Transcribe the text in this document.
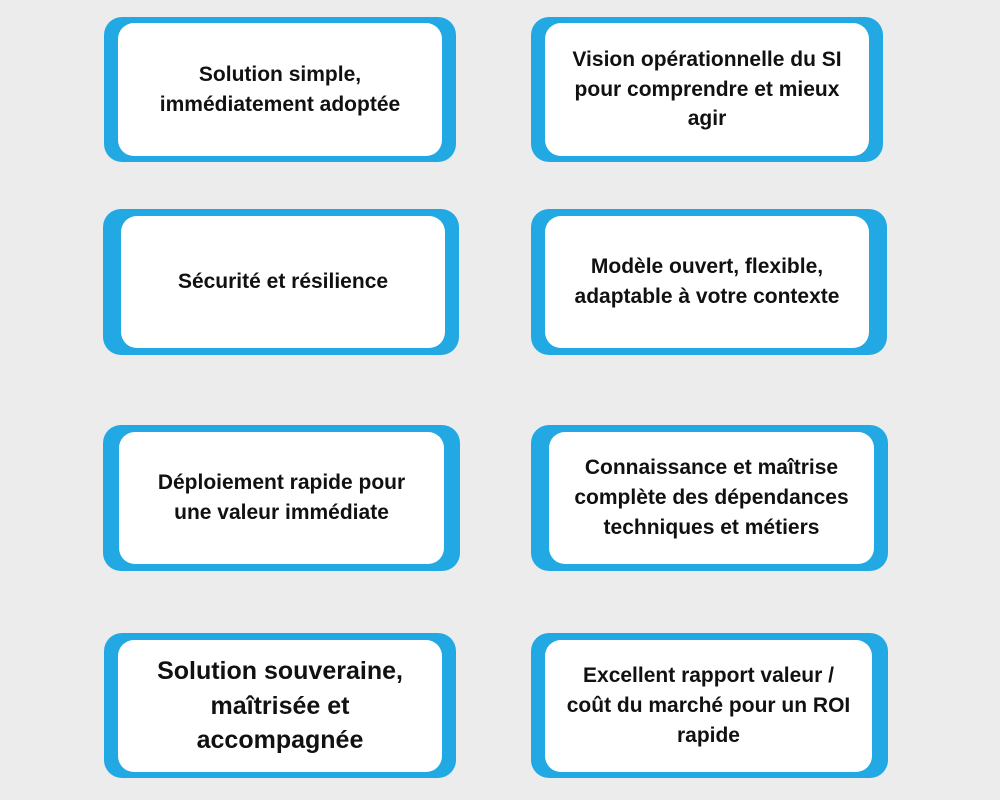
Solution simple,
immédiatement adoptée
Vision opérationnelle du SI
pour comprendre et mieux
agir
Sécurité et résilience
Modèle ouvert, flexible,
adaptable à votre contexte
Déploiement rapide pour
une valeur immédiate
Connaissance et maîtrise
complète des dépendances
techniques et métiers
Solution souveraine,
maîtrisée et
accompagnée
Excellent rapport valeur /
coût du marché pour un ROI
rapide
